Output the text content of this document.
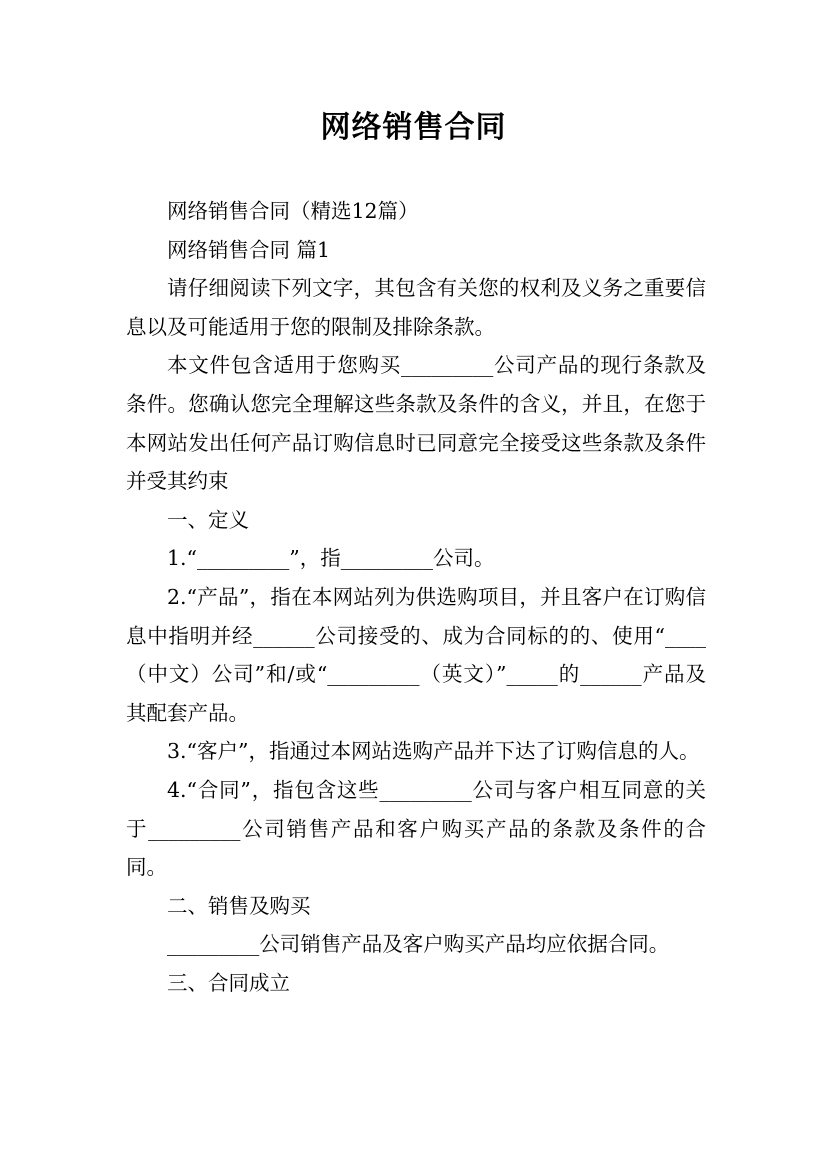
网络销售合同

网络销售合同（精选12篇）

网络销售合同 篇1

请仔细阅读下列文字，其包含有关您的权利及义务之重要信息以及可能适用于您的限制及排除条款。

本文件包含适用于您购买_________公司产品的现行条款及条件。您确认您完全理解这些条款及条件的含义，并且，在您于本网站发出任何产品订购信息时已同意完全接受这些条款及条件并受其约束

一、定义

1.“_________”，指_________公司。

2.“产品”，指在本网站列为供选购项目，并且客户在订购信息中指明并经______公司接受的、成为合同标的的、使用“____（中文）公司”和/或“_________（英文）”_____的______产品及其配套产品。

3.“客户”，指通过本网站选购产品并下达了订购信息的人。

4.“合同”，指包含这些_________公司与客户相互同意的关于_________公司销售产品和客户购买产品的条款及条件的合同。

二、销售及购买

_________公司销售产品及客户购买产品均应依据合同。

三、合同成立
